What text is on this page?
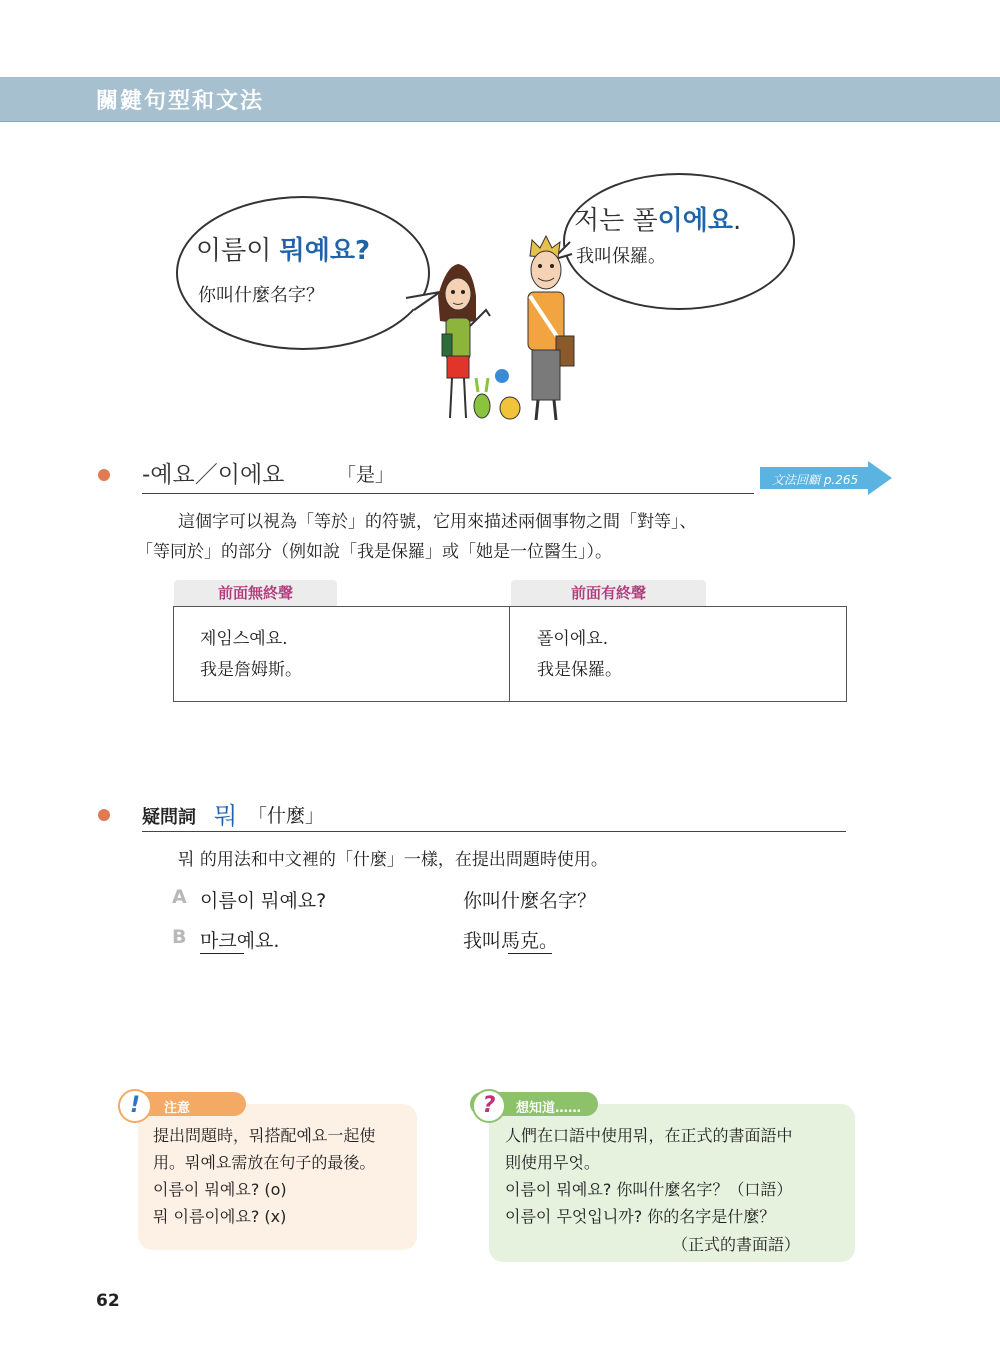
關鍵句型和文法
이름이 뭐예요?
你叫什麼名字？
저는 폴이에요.
我叫保羅。
-예요／이에요	「是」	文法回顧 p.265
這個字可以視為「等於」的符號，它用來描述兩個事物之間「對等」、
「等同於」的部分（例如說「我是保羅」或「她是一位醫生」）。
前面無終聲	前面有終聲
제임스예요.
我是詹姆斯。
폴이에요.
我是保羅。
疑問詞 뭐 「什麼」
뭐 的用法和中文裡的「什麼」一樣，在提出問題時使用。
A 이름이 뭐예요?	你叫什麼名字？
B 마크예요.	我叫馬克。
!	注意
提出問題時，뭐搭配예요一起使
用。뭐예요需放在句子的最後。
이름이 뭐예요? (o)
뭐 이름이에요? (x)
?	想知道……
人們在口語中使用뭐，在正式的書面語中
則使用무엇。
이름이 뭐예요? 你叫什麼名字？（口語）
이름이 무엇입니까? 你的名字是什麼？
（正式的書面語）
62
